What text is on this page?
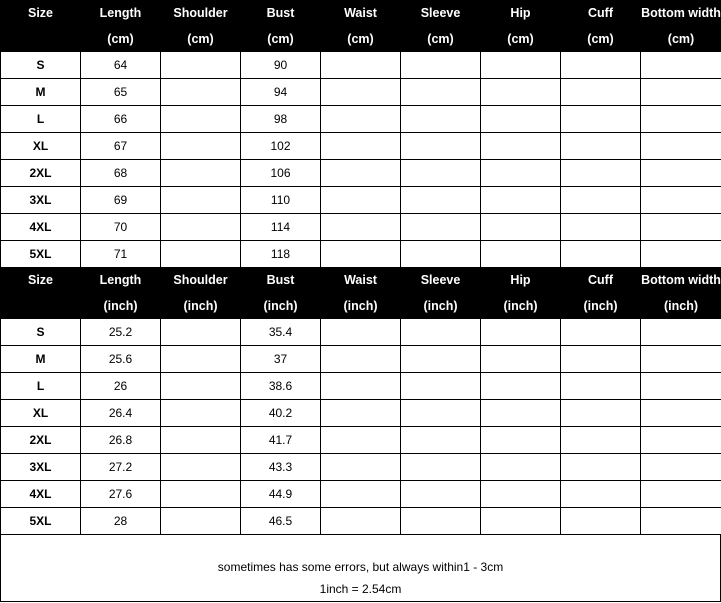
Size	Length	Shoulder	Bust	Waist	Sleeve	Hip	Cuff	Bottom width
	(cm)	(cm)	(cm)	(cm)	(cm)	(cm)	(cm)	(cm)
S	64		90					
M	65		94					
L	66		98					
XL	67		102					
2XL	68		106					
3XL	69		110					
4XL	70		114					
5XL	71		118					
Size	Length	Shoulder	Bust	Waist	Sleeve	Hip	Cuff	Bottom width
	(inch)	(inch)	(inch)	(inch)	(inch)	(inch)	(inch)	(inch)
S	25.2		35.4					
M	25.6		37					
L	26		38.6					
XL	26.4		40.2					
2XL	26.8		41.7					
3XL	27.2		43.3					
4XL	27.6		44.9					
5XL	28		46.5					
sometimes has some errors, but always within1 - 3cm
1inch = 2.54cm
